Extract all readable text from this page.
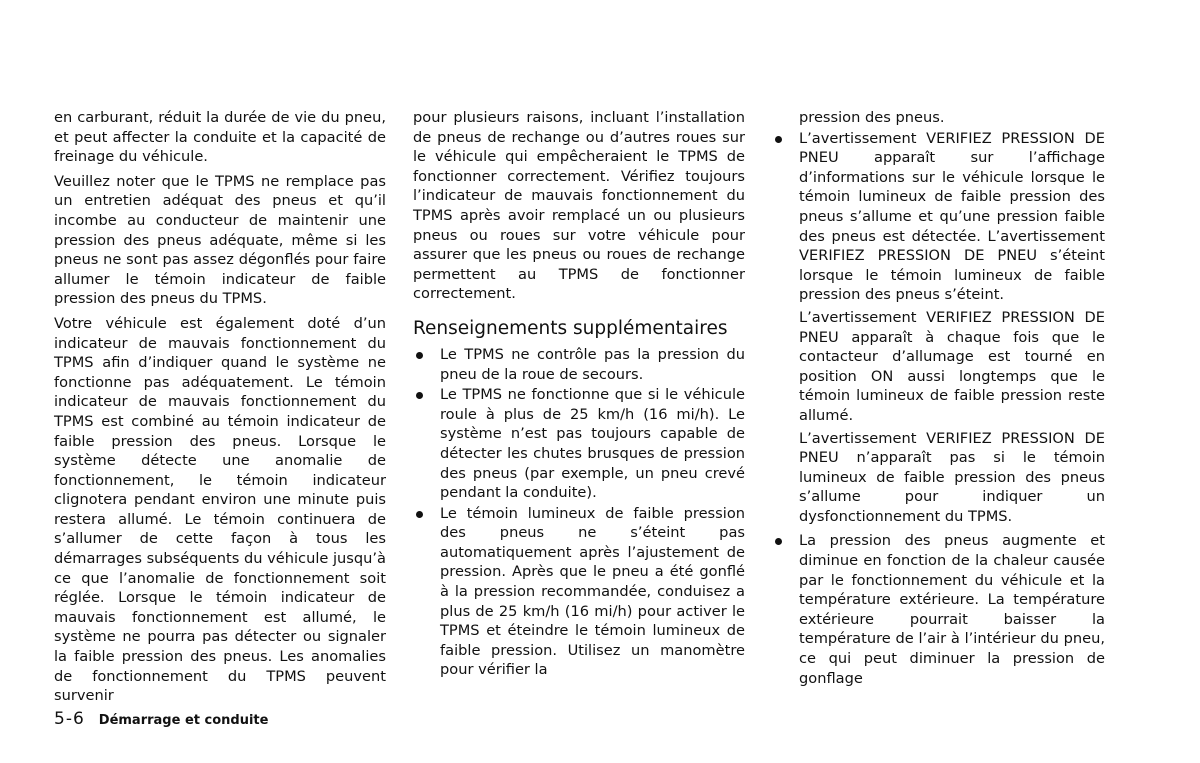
en carburant, réduit la durée de vie du pneu, et peut affecter la conduite et la capacité de freinage du véhicule.

Veuillez noter que le TPMS ne remplace pas un entretien adéquat des pneus et qu’il incombe au conducteur de maintenir une pression des pneus adéquate, même si les pneus ne sont pas assez dégonflés pour faire allumer le témoin indicateur de faible pression des pneus du TPMS.

Votre véhicule est également doté d’un indicateur de mauvais fonctionnement du TPMS afin d’indiquer quand le système ne fonctionne pas adéquatement. Le témoin indicateur de mauvais fonctionnement du TPMS est combiné au témoin indicateur de faible pression des pneus. Lorsque le système détecte une anomalie de fonctionnement, le témoin indicateur clignotera pendant environ une minute puis restera allumé. Le témoin continuera de s’allumer de cette façon à tous les démarrages subséquents du véhicule jusqu’à ce que l’anomalie de fonctionnement soit réglée. Lorsque le témoin indicateur de mauvais fonctionnement est allumé, le système ne pourra pas détecter ou signaler la faible pression des pneus. Les anomalies de fonctionnement du TPMS peuvent survenir

pour plusieurs raisons, incluant l’installation de pneus de rechange ou d’autres roues sur le véhicule qui empêcheraient le TPMS de fonctionner correctement. Vérifiez toujours l’indicateur de mauvais fonctionnement du TPMS après avoir remplacé un ou plusieurs pneus ou roues sur votre véhicule pour assurer que les pneus ou roues de rechange permettent au TPMS de fonctionner correctement.

Renseignements supplémentaires

Le TPMS ne contrôle pas la pression du pneu de la roue de secours.

Le TPMS ne fonctionne que si le véhicule roule à plus de 25 km/h (16 mi/h). Le système n’est pas toujours capable de détecter les chutes brusques de pression des pneus (par exemple, un pneu crevé pendant la conduite).

Le témoin lumineux de faible pression des pneus ne s’éteint pas automatiquement après l’ajustement de pression. Après que le pneu a été gonflé à la pression recommandée, conduisez a plus de 25 km/h (16 mi/h) pour activer le TPMS et éteindre le témoin lumineux de faible pression. Utilisez un manomètre pour vérifier la

pression des pneus.

L’avertissement VERIFIEZ PRESSION DE PNEU apparaît sur l’affichage d’informations sur le véhicule lorsque le témoin lumineux de faible pression des pneus s’allume et qu’une pression faible des pneus est détectée. L’avertissement VERIFIEZ PRESSION DE PNEU s’éteint lorsque le témoin lumineux de faible pression des pneus s’éteint.

L’avertissement VERIFIEZ PRESSION DE PNEU apparaît à chaque fois que le contacteur d’allumage est tourné en position ON aussi longtemps que le témoin lumineux de faible pression reste allumé.

L’avertissement VERIFIEZ PRESSION DE PNEU n’apparaît pas si le témoin lumineux de faible pression des pneus s’allume pour indiquer un dysfonctionnement du TPMS.

La pression des pneus augmente et diminue en fonction de la chaleur causée par le fonctionnement du véhicule et la température extérieure. La température extérieure pourrait baisser la température de l’air à l’intérieur du pneu, ce qui peut diminuer la pression de gonflage

5-6 Démarrage et conduite
